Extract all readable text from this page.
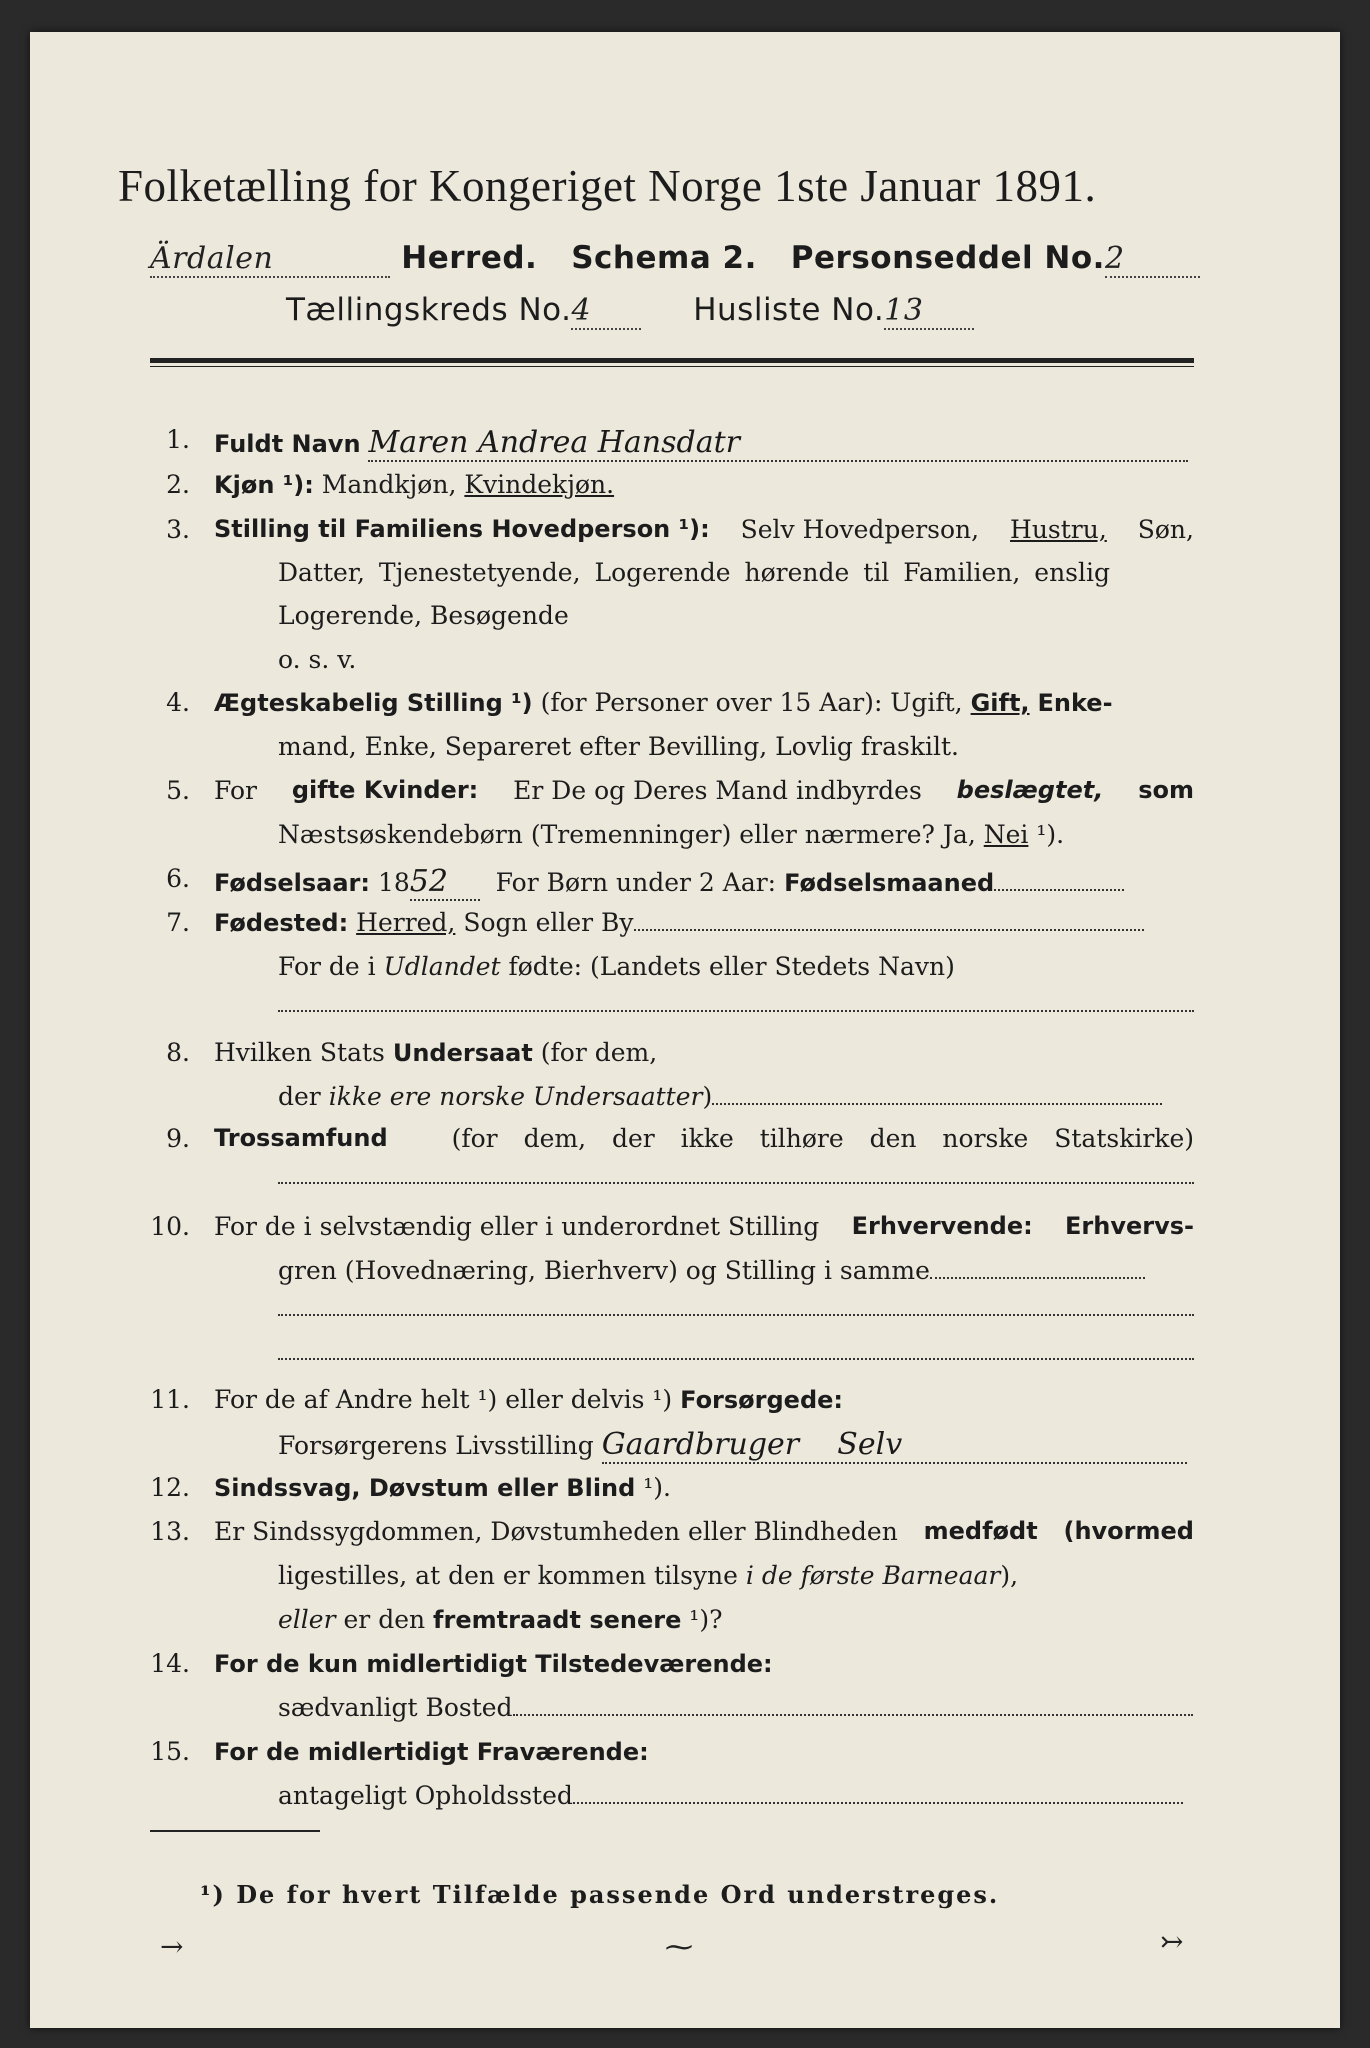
Folketælling for Kongeriget Norge 1ste Januar 1891.
Ärdalen	Herred. Schema 2. Personseddel No.2
Tællingskreds No.4	Husliste No.13
1. Fuldt Navn Maren Andrea Hansdatr
2. Kjøn ¹): Mandkjøn, Kvindekjøn.
3. Stilling til Familiens Hovedperson ¹): Selv Hovedperson, Hustru, Søn,
Datter, Tjenestetyende, Logerende hørende til Familien, enslig
Logerende, Besøgende
o. s. v.
4. Ægteskabelig Stilling ¹) (for Personer over 15 Aar): Ugift, Gift, Enke-
mand, Enke, Separeret efter Bevilling, Lovlig fraskilt.
5. For gifte Kvinder: Er De og Deres Mand indbyrdes beslægtet, som
Næstsøskendebørn (Tremenninger) eller nærmere? Ja, Nei ¹).
6. Fødselsaar: 1852 For Børn under 2 Aar: Fødselsmaaned
7. Fødested: Herred, Sogn eller By
For de i Udlandet fødte: (Landets eller Stedets Navn)
8. Hvilken Stats Undersaat (for dem,
der ikke ere norske Undersaatter)
9. Trossamfund	(for dem, der ikke tilhøre den norske Statskirke)
10. For de i selvstændig eller i underordnet Stilling Erhvervende: Erhvervs-
gren (Hovednæring, Bierhverv) og Stilling i samme
11. For de af Andre helt ¹) eller delvis ¹) Forsørgede:
Forsørgerens Livsstilling Gaardbruger    Selv
12. Sindssvag, Døvstum eller Blind ¹).
13. Er Sindssygdommen, Døvstumheden eller Blindheden medfødt (hvormed
ligestilles, at den er kommen tilsyne i de første Barneaar),
eller er den fremtraadt senere ¹)?
14. For de kun midlertidigt Tilstedeværende:
sædvanligt Bosted
15. For de midlertidigt Fraværende:
antageligt Opholdssted
¹) De for hvert Tilfælde passende Ord understreges.
→	⁓	↣
